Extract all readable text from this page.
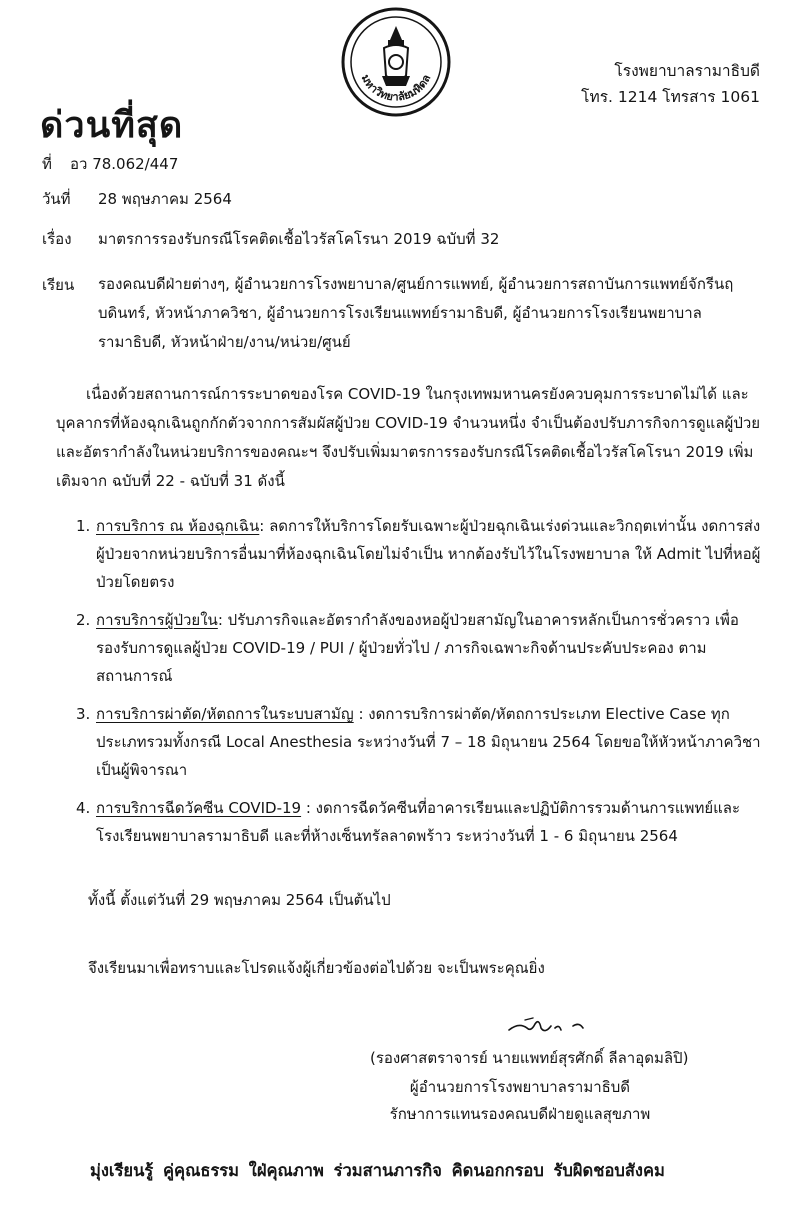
มหาวิทยาลัยมหิดล	โรงพยาบาลรามาธิบดี
โทร. 1214 โทรสาร 1061
ด่วนที่สุด
ที่ อว 78.062/447
วันที่ 28 พฤษภาคม 2564
เรื่อง มาตรการรองรับกรณีโรคติดเชื้อไวรัสโคโรนา 2019 ฉบับที่ 32
เรียน รองคณบดีฝ่ายต่างๆ, ผู้อำนวยการโรงพยาบาล/ศูนย์การแพทย์, ผู้อำนวยการสถาบันการแพทย์จักรีนฤบดินทร์, หัวหน้าภาควิชา, ผู้อำนวยการโรงเรียนแพทย์รามาธิบดี, ผู้อำนวยการโรงเรียนพยาบาลรามาธิบดี, หัวหน้าฝ่าย/งาน/หน่วย/ศูนย์
เนื่องด้วยสถานการณ์การระบาดของโรค COVID-19 ในกรุงเทพมหานครยังควบคุมการระบาดไม่ได้ และบุคลากรที่ห้องฉุกเฉินถูกกักตัวจากการสัมผัสผู้ป่วย COVID-19 จำนวนหนึ่ง จำเป็นต้องปรับภารกิจการดูแลผู้ป่วย และอัตรากำลังในหน่วยบริการของคณะฯ จึงปรับเพิ่มมาตรการรองรับกรณีโรคติดเชื้อไวรัสโคโรนา 2019 เพิ่มเติมจาก ฉบับที่ 22 - ฉบับที่ 31 ดังนี้
1. การบริการ ณ ห้องฉุกเฉิน: ลดการให้บริการโดยรับเฉพาะผู้ป่วยฉุกเฉินเร่งด่วนและวิกฤตเท่านั้น งดการส่งผู้ป่วยจากหน่วยบริการอื่นมาที่ห้องฉุกเฉินโดยไม่จำเป็น หากต้องรับไว้ในโรงพยาบาล ให้ Admit ไปที่หอผู้ป่วยโดยตรง
2. การบริการผู้ป่วยใน: ปรับภารกิจและอัตรากำลังของหอผู้ป่วยสามัญในอาคารหลักเป็นการชั่วคราว เพื่อรองรับการดูแลผู้ป่วย COVID-19 / PUI / ผู้ป่วยทั่วไป / ภารกิจเฉพาะกิจด้านประคับประคอง ตามสถานการณ์
3. การบริการผ่าตัด/หัตถการในระบบสามัญ : งดการบริการผ่าตัด/หัตถการประเภท Elective Case ทุกประเภทรวมทั้งกรณี Local Anesthesia ระหว่างวันที่ 7 – 18 มิถุนายน 2564 โดยขอให้หัวหน้าภาควิชาเป็นผู้พิจารณา
4. การบริการฉีดวัคซีน COVID-19 : งดการฉีดวัคซีนที่อาคารเรียนและปฏิบัติการรวมด้านการแพทย์และโรงเรียนพยาบาลรามาธิบดี และที่ห้างเซ็นทรัลลาดพร้าว ระหว่างวันที่ 1 - 6 มิถุนายน 2564
ทั้งนี้ ตั้งแต่วันที่ 29 พฤษภาคม 2564 เป็นต้นไป
จึงเรียนมาเพื่อทราบและโปรดแจ้งผู้เกี่ยวข้องต่อไปด้วย จะเป็นพระคุณยิ่ง
(รองศาสตราจารย์ นายแพทย์สุรศักดิ์ ลีลาอุดมลิปิ)
ผู้อำนวยการโรงพยาบาลรามาธิบดี
รักษาการแทนรองคณบดีฝ่ายดูแลสุขภาพ
มุ่งเรียนรู้ คู่คุณธรรม ใฝ่คุณภาพ ร่วมสานภารกิจ คิดนอกกรอบ รับผิดชอบสังคม
